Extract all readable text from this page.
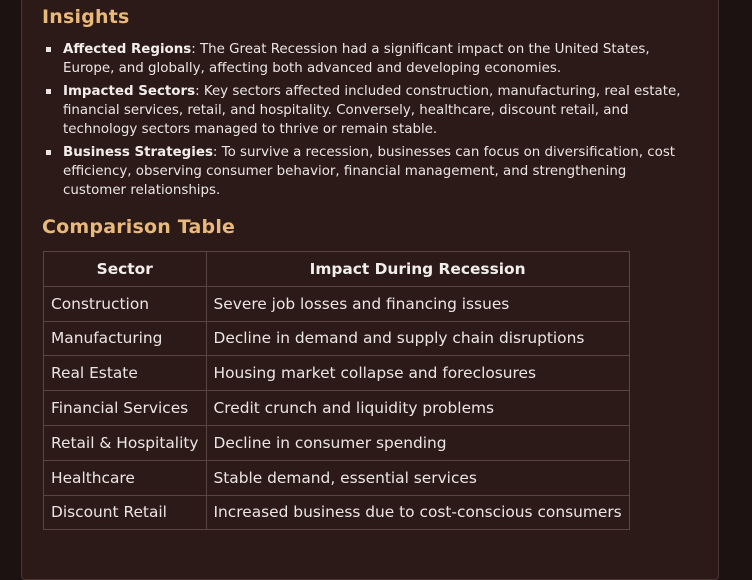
Insights
Affected Regions: The Great Recession had a significant impact on the United States, Europe, and globally, affecting both advanced and developing economies.
Impacted Sectors: Key sectors affected included construction, manufacturing, real estate, financial services, retail, and hospitality. Conversely, healthcare, discount retail, and technology sectors managed to thrive or remain stable.
Business Strategies: To survive a recession, businesses can focus on diversification, cost efficiency, observing consumer behavior, financial management, and strengthening customer relationships.
Comparison Table
Sector	Impact During Recession
Construction	Severe job losses and financing issues
Manufacturing	Decline in demand and supply chain disruptions
Real Estate	Housing market collapse and foreclosures
Financial Services	Credit crunch and liquidity problems
Retail & Hospitality	Decline in consumer spending
Healthcare	Stable demand, essential services
Discount Retail	Increased business due to cost-conscious consumers
